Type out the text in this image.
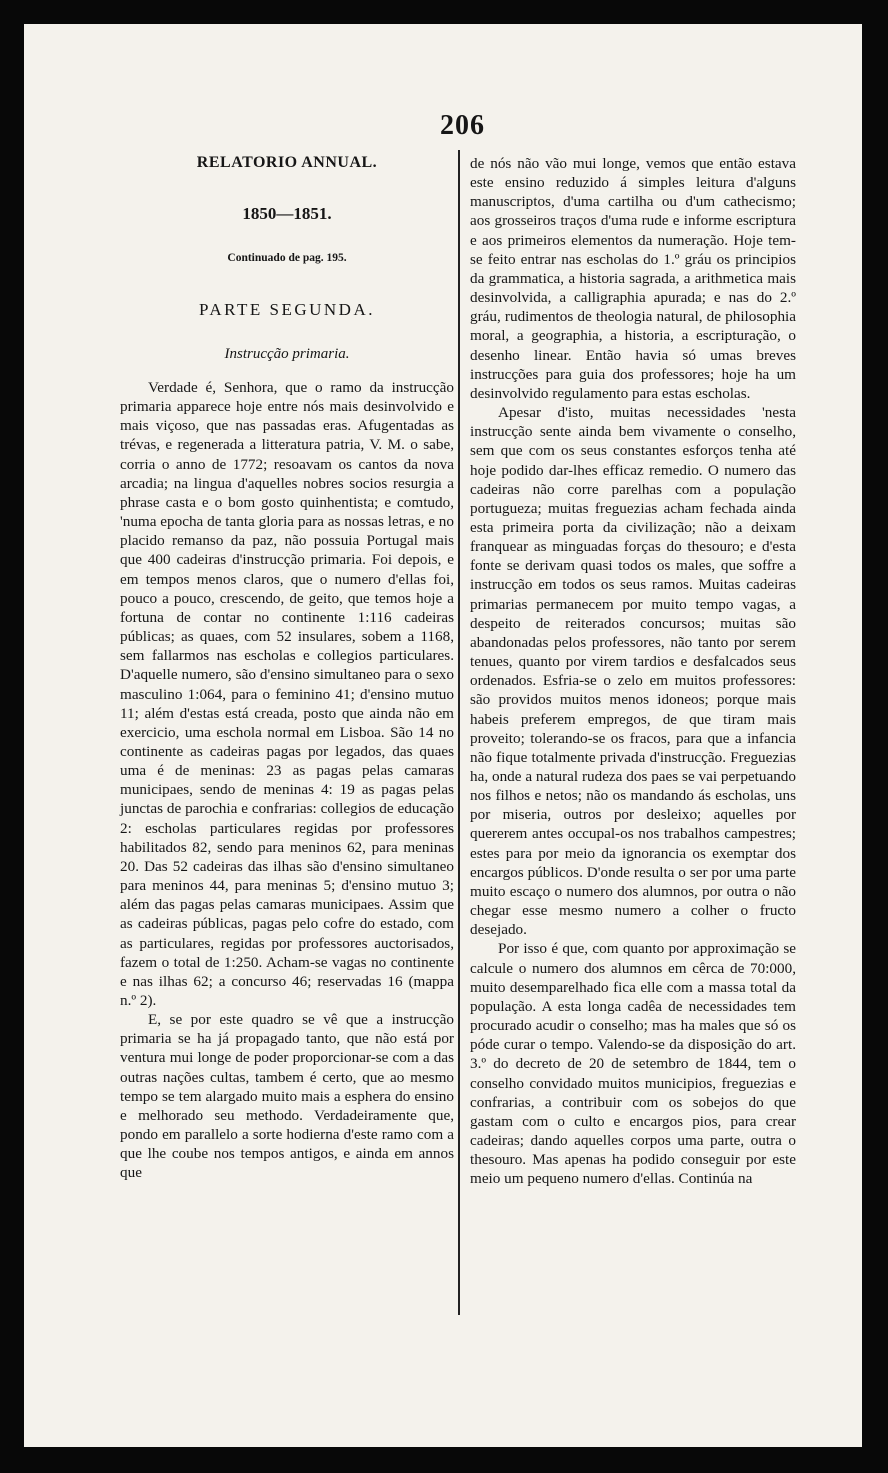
206
RELATORIO ANNUAL.
1850—1851.
Continuado de pag. 195.
PARTE SEGUNDA.
Instrucção primaria.

Verdade é, Senhora, que o ramo da instrucção primaria apparece hoje entre nós mais desinvolvido e mais viçoso, que nas passadas eras. Afugentadas as trévas, e regenerada a litteratura patria, V. M. o sabe, corria o anno de 1772; resoavam os cantos da nova arcadia; na lingua d'aquelles nobres socios resurgia a phrase casta e o bom gosto quinhentista; e comtudo, 'numa epocha de tanta gloria para as nossas letras, e no placido remanso da paz, não possuia Portugal mais que 400 cadeiras d'instrucção primaria. Foi depois, e em tempos menos claros, que o numero d'ellas foi, pouco a pouco, crescendo, de geito, que temos hoje a fortuna de contar no continente 1:116 cadeiras públicas; as quaes, com 52 insulares, sobem a 1168, sem fallarmos nas escholas e collegios particulares. D'aquelle numero, são d'ensino simultaneo para o sexo masculino 1:064, para o feminino 41; d'ensino mutuo 11; além d'estas está creada, posto que ainda não em exercicio, uma eschola normal em Lisboa. São 14 no continente as cadeiras pagas por legados, das quaes uma é de meninas: 23 as pagas pelas camaras municipaes, sendo de meninas 4: 19 as pagas pelas junctas de parochia e confrarias: collegios de educação 2: escholas particulares regidas por professores habilitados 82, sendo para meninos 62, para meninas 20. Das 52 cadeiras das ilhas são d'ensino simultaneo para meninos 44, para meninas 5; d'ensino mutuo 3; além das pagas pelas camaras municipaes. Assim que as cadeiras públicas, pagas pelo cofre do estado, com as particulares, regidas por professores auctorisados, fazem o total de 1:250. Acham-se vagas no continente e nas ilhas 62; a concurso 46; reservadas 16 (mappa n.º 2).

E, se por este quadro se vê que a instrucção primaria se ha já propagado tanto, que não está por ventura mui longe de poder proporcionar-se com a das outras nações cultas, tambem é certo, que ao mesmo tempo se tem alargado muito mais a esphera do ensino e melhorado seu methodo. Verdadeiramente que, pondo em parallelo a sorte hodierna d'este ramo com a que lhe coube nos tempos antigos, e ainda em annos que

de nós não vão mui longe, vemos que então estava este ensino reduzido á simples leitura d'alguns manuscriptos, d'uma cartilha ou d'um cathecismo; aos grosseiros traços d'uma rude e informe escriptura e aos primeiros elementos da numeração. Hoje tem-se feito entrar nas escholas do 1.º gráu os principios da grammatica, a historia sagrada, a arithmetica mais desinvolvida, a calligraphia apurada; e nas do 2.º gráu, rudimentos de theologia natural, de philosophia moral, a geographia, a historia, a escripturação, o desenho linear. Então havia só umas breves instrucções para guia dos professores; hoje ha um desinvolvido regulamento para estas escholas.

Apesar d'isto, muitas necessidades 'nesta instrucção sente ainda bem vivamente o conselho, sem que com os seus constantes esforços tenha até hoje podido dar-lhes efficaz remedio. O numero das cadeiras não corre parelhas com a população portugueza; muitas freguezias acham fechada ainda esta primeira porta da civilização; não a deixam franquear as minguadas forças do thesouro; e d'esta fonte se derivam quasi todos os males, que soffre a instrucção em todos os seus ramos. Muitas cadeiras primarias permanecem por muito tempo vagas, a despeito de reiterados concursos; muitas são abandonadas pelos professores, não tanto por serem tenues, quanto por virem tardios e desfalcados seus ordenados. Esfria-se o zelo em muitos professores: são providos muitos menos idoneos; porque mais habeis preferem empregos, de que tiram mais proveito; tolerando-se os fracos, para que a infancia não fique totalmente privada d'instrucção. Freguezias ha, onde a natural rudeza dos paes se vai perpetuando nos filhos e netos; não os mandando ás escholas, uns por miseria, outros por desleixo; aquelles por quererem antes occupal-os nos trabalhos campestres; estes para por meio da ignorancia os exemptar dos encargos públicos. D'onde resulta o ser por uma parte muito escaço o numero dos alumnos, por outra o não chegar esse mesmo numero a colher o fructo desejado.

Por isso é que, com quanto por approximação se calcule o numero dos alumnos em cêrca de 70:000, muito desemparelhado fica elle com a massa total da população. A esta longa cadêa de necessidades tem procurado acudir o conselho; mas ha males que só os póde curar o tempo. Valendo-se da disposição do art. 3.º do decreto de 20 de setembro de 1844, tem o conselho convidado muitos municipios, freguezias e confrarias, a contribuir com os sobejos do que gastam com o culto e encargos pios, para crear cadeiras; dando aquelles corpos uma parte, outra o thesouro. Mas apenas ha podido conseguir por este meio um pequeno numero d'ellas. Continúa na
